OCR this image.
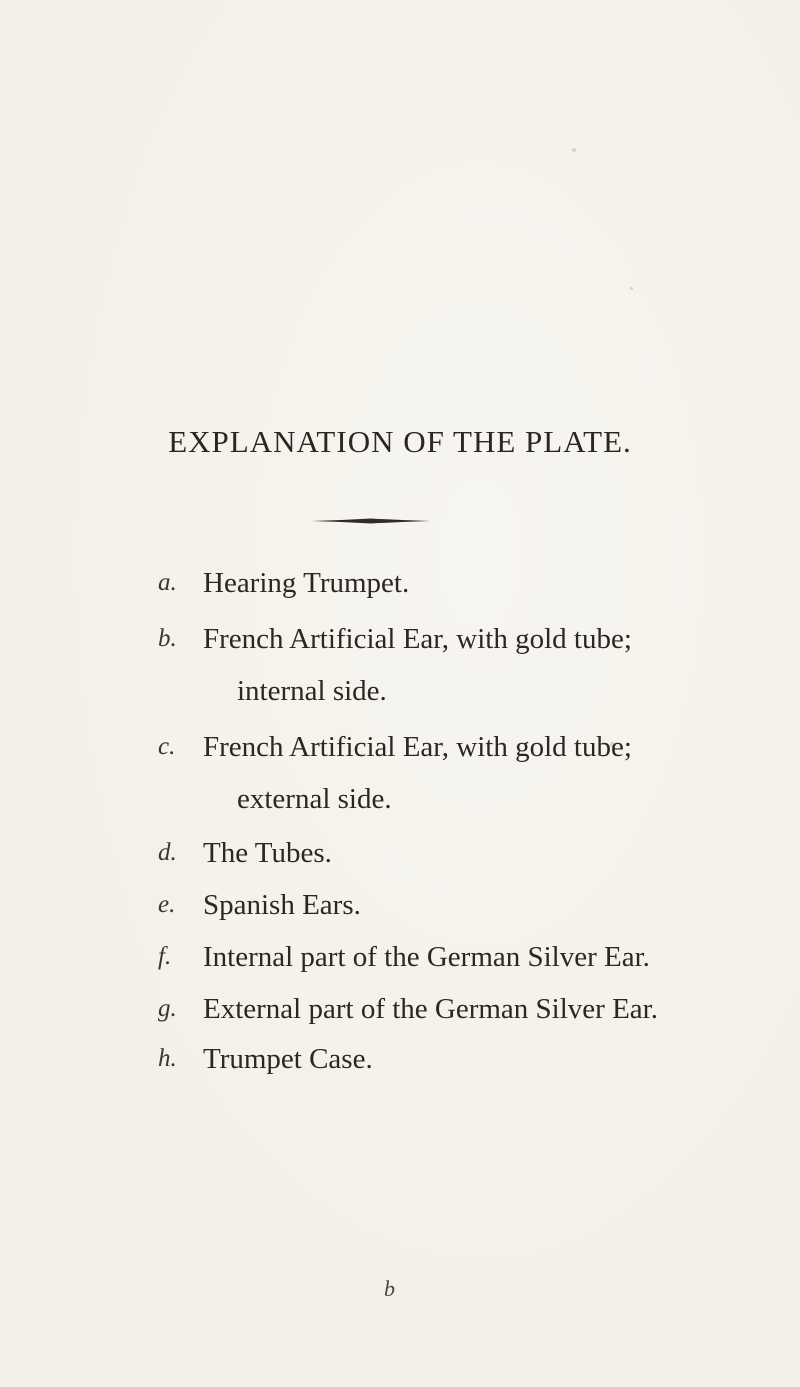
EXPLANATION OF THE PLATE.
a. Hearing Trumpet.
b. French Artificial Ear, with gold tube;
internal side.
c. French Artificial Ear, with gold tube;
external side.
d. The Tubes.
e. Spanish Ears.
f. Internal part of the German Silver Ear.
g. External part of the German Silver Ear.
h. Trumpet Case.
b
